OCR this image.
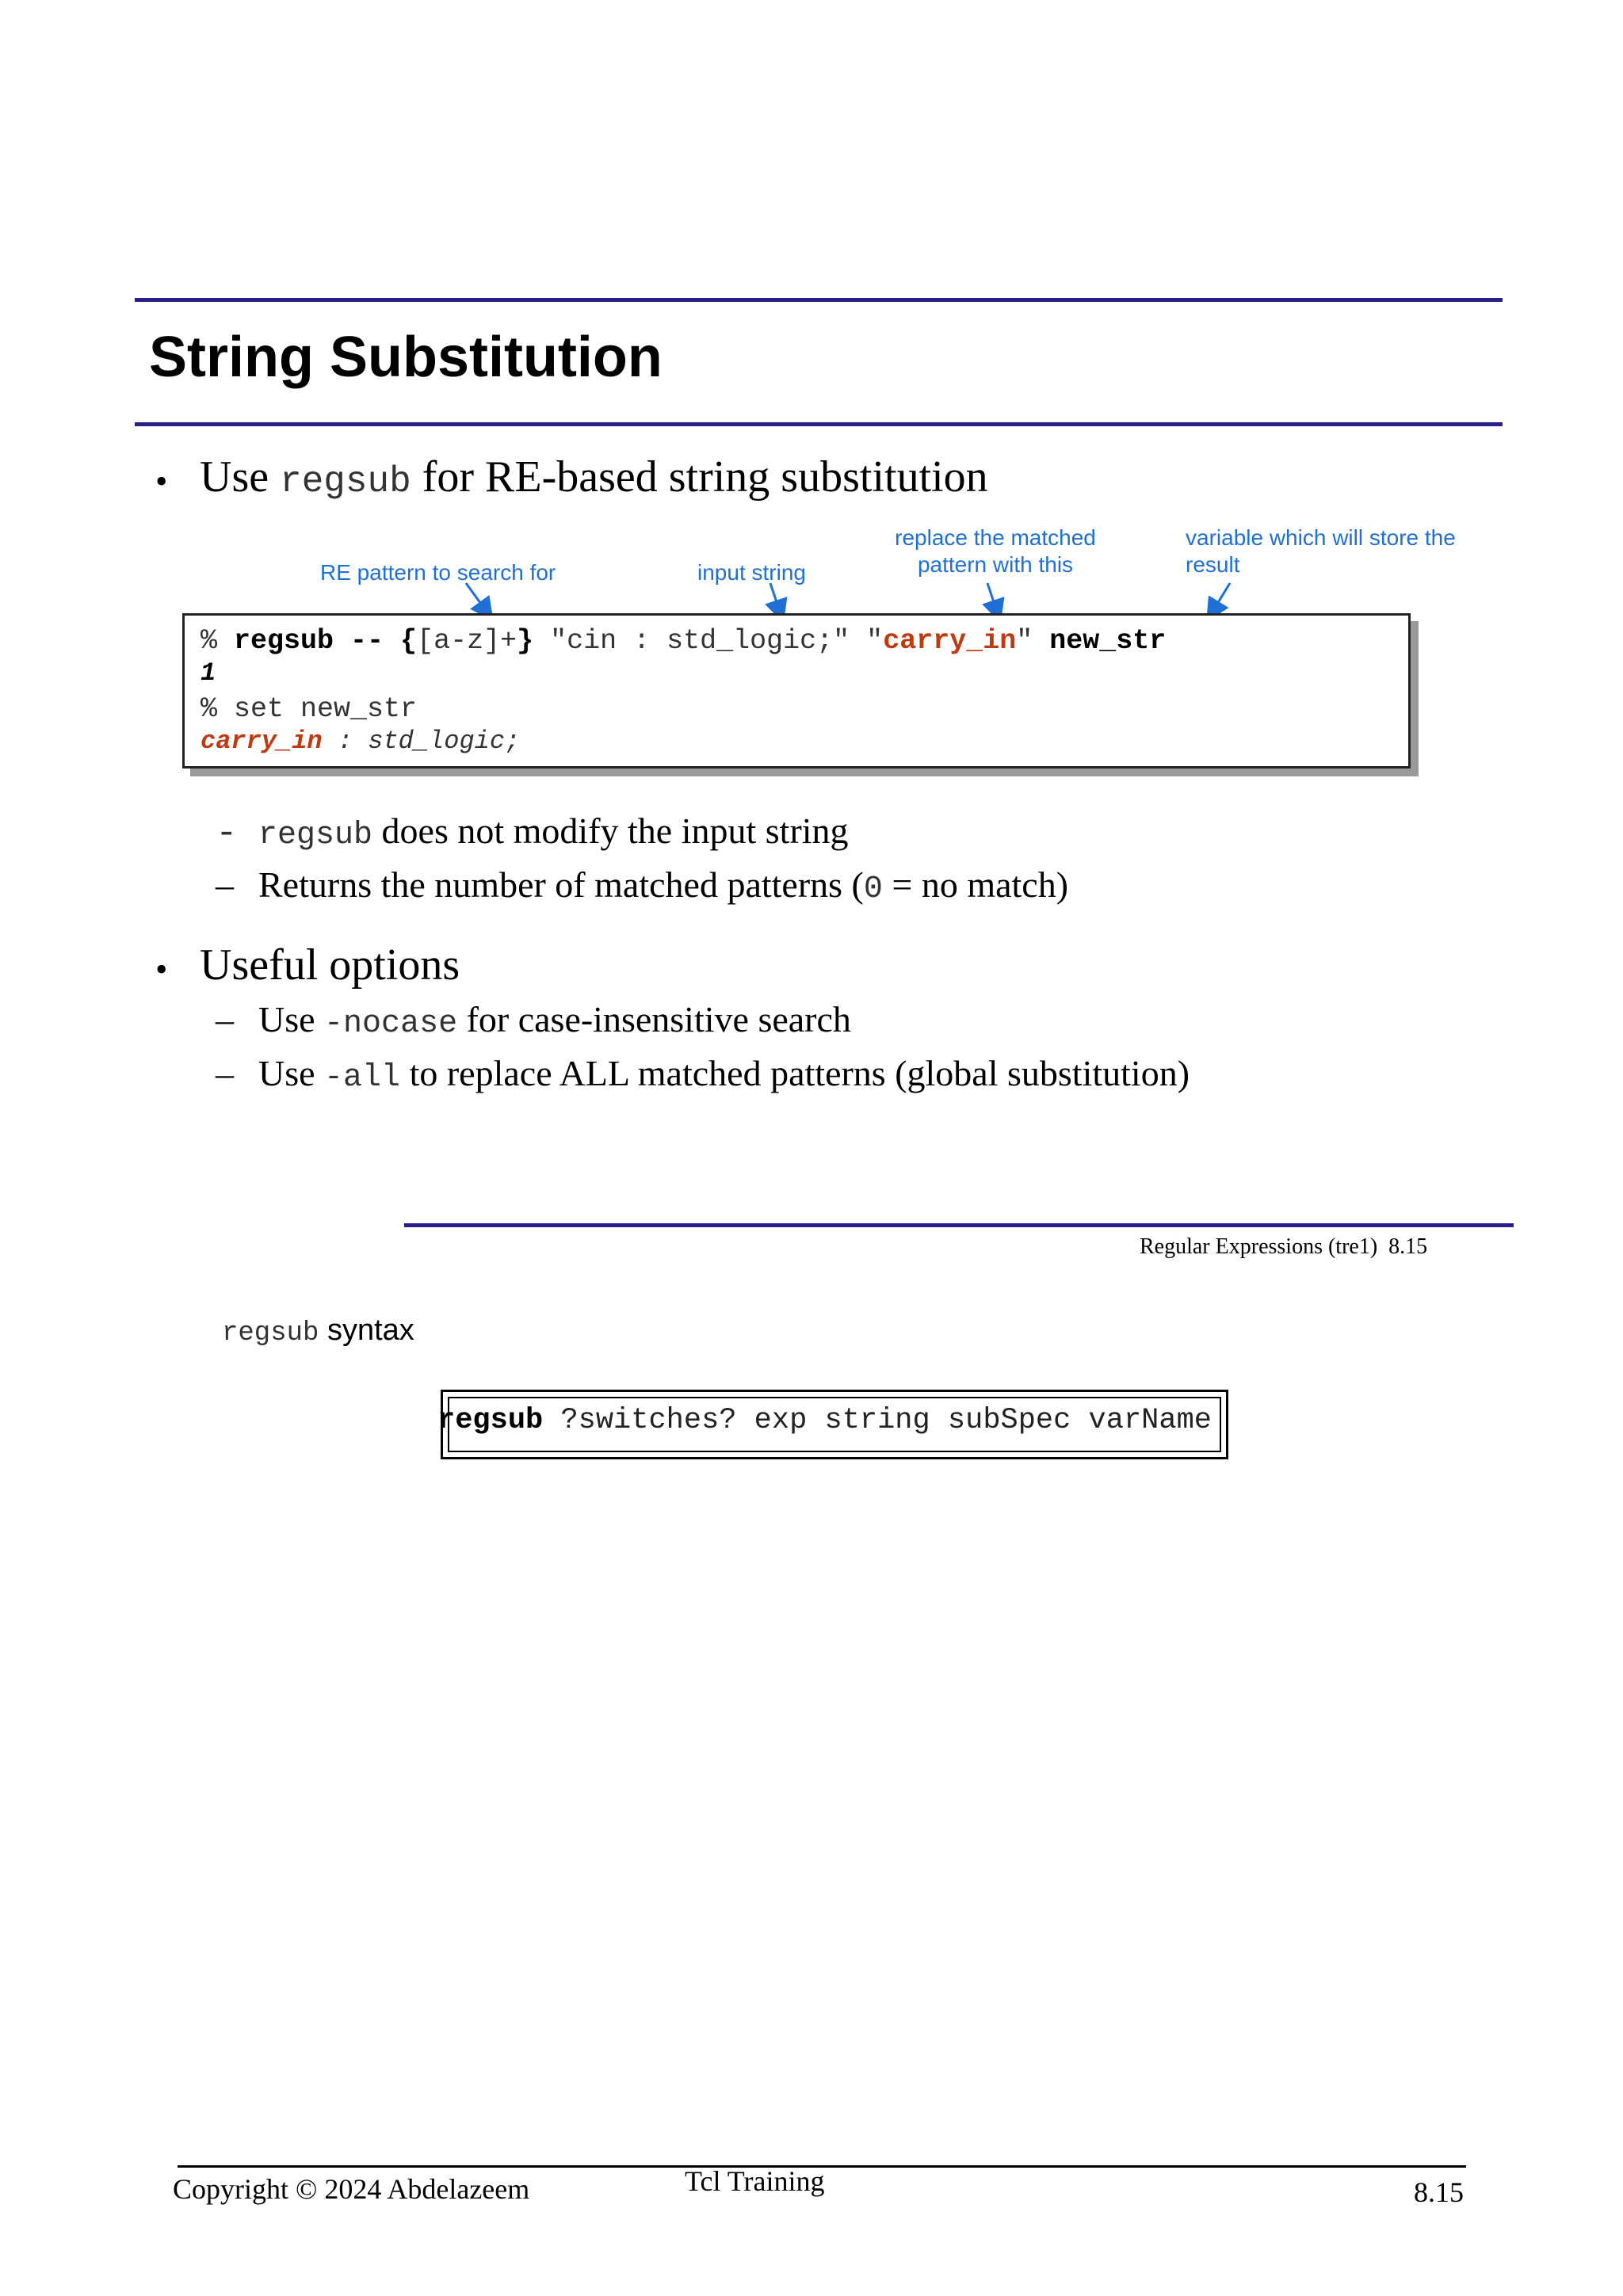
String Substitution
• Use regsub for RE-based string substitution
RE pattern to search for	input string
replace the matched
pattern with this
variable which will store the
result
% regsub -- {[a-z]+} "cin : std_logic;" "carry_in" new_str
1
% set new_str
carry_in : std_logic;
- regsub does not modify the input string
– Returns the number of matched patterns (0 = no match)
• Useful options
– Use -nocase for case-insensitive search
– Use -all to replace ALL matched patterns (global substitution)
Regular Expressions (tre1)  8.15
regsub syntax
regsub ?switches? exp string subSpec varName
Copyright © 2024 Abdelazeem	Tcl Training	8.15
